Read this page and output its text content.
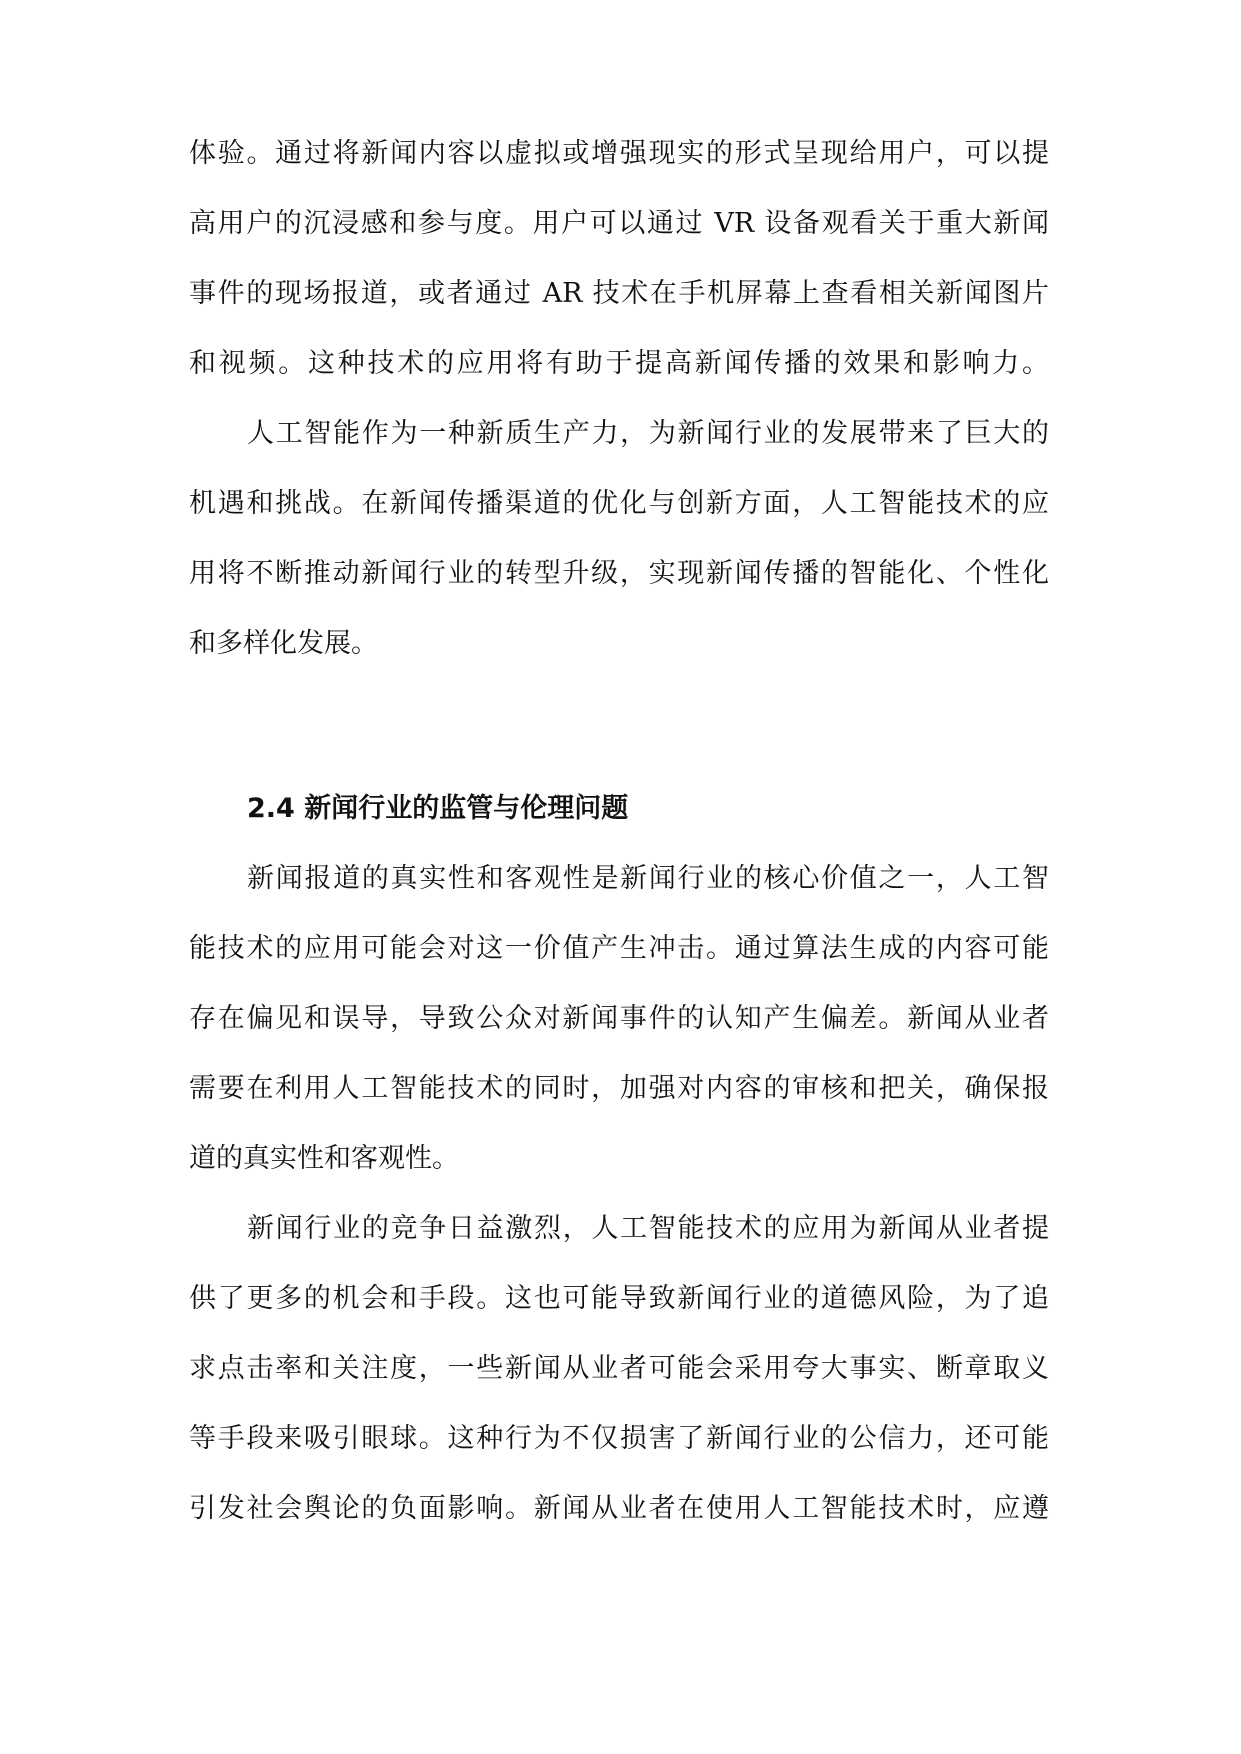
体验。通过将新闻内容以虚拟或增强现实的形式呈现给用户，可以提
高用户的沉浸感和参与度。用户可以通过 VR 设备观看关于重大新闻
事件的现场报道，或者通过 AR 技术在手机屏幕上查看相关新闻图片
和视频。这种技术的应用将有助于提高新闻传播的效果和影响力。
人工智能作为一种新质生产力，为新闻行业的发展带来了巨大的
机遇和挑战。在新闻传播渠道的优化与创新方面，人工智能技术的应
用将不断推动新闻行业的转型升级，实现新闻传播的智能化、个性化
和多样化发展。
2.4 新闻行业的监管与伦理问题
新闻报道的真实性和客观性是新闻行业的核心价值之一，人工智
能技术的应用可能会对这一价值产生冲击。通过算法生成的内容可能
存在偏见和误导，导致公众对新闻事件的认知产生偏差。新闻从业者
需要在利用人工智能技术的同时，加强对内容的审核和把关，确保报
道的真实性和客观性。
新闻行业的竞争日益激烈，人工智能技术的应用为新闻从业者提
供了更多的机会和手段。这也可能导致新闻行业的道德风险，为了追
求点击率和关注度，一些新闻从业者可能会采用夸大事实、断章取义
等手段来吸引眼球。这种行为不仅损害了新闻行业的公信力，还可能
引发社会舆论的负面影响。新闻从业者在使用人工智能技术时，应遵
